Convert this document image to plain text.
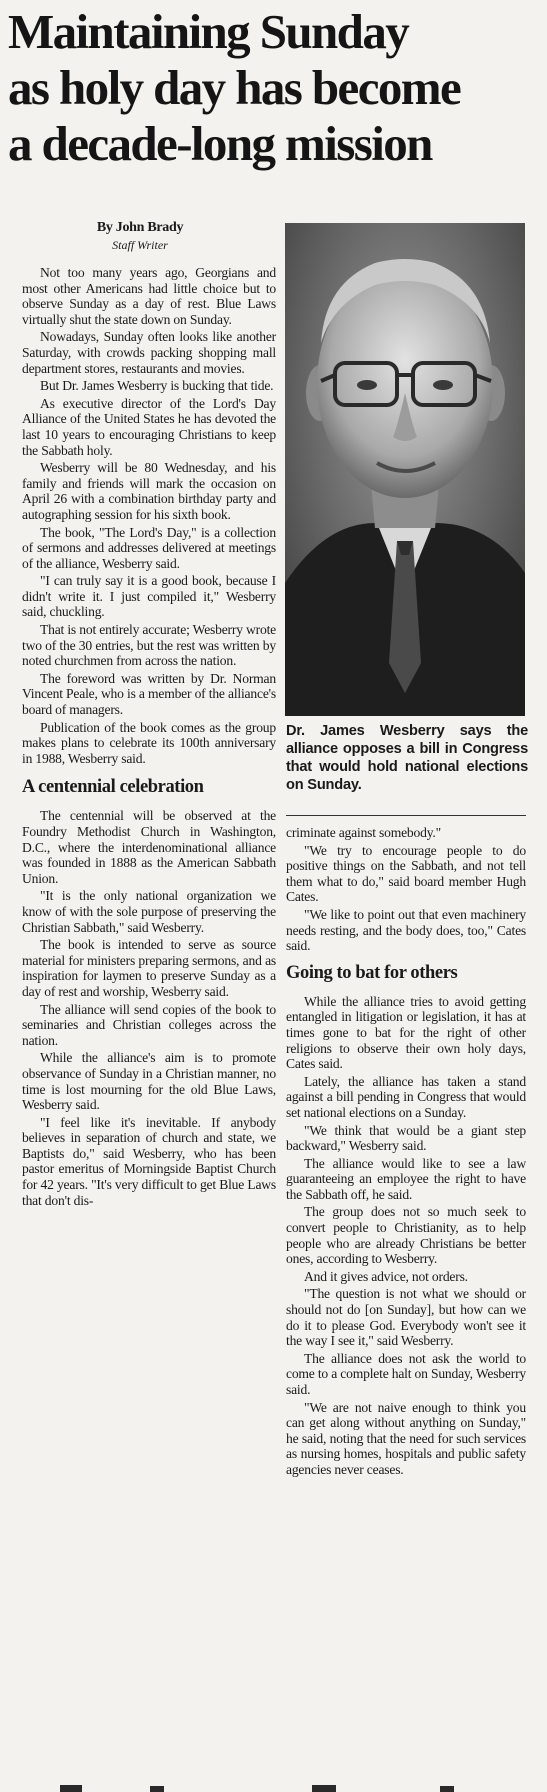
Maintaining Sunday
as holy day has become
a decade-long mission
By John Brady
Staff Writer
Dr. James Wesberry says the alliance opposes a bill in Congress that would hold national elections on Sunday.

Not too many years ago, Georgians and most other Americans had little choice but to observe Sunday as a day of rest. Blue Laws virtually shut the state down on Sunday.

Nowadays, Sunday often looks like another Saturday, with crowds packing shopping mall department stores, restaurants and movies.

But Dr. James Wesberry is bucking that tide.

As executive director of the Lord's Day Alliance of the United States he has devoted the last 10 years to encouraging Christians to keep the Sabbath holy.

Wesberry will be 80 Wednesday, and his family and friends will mark the occasion on April 26 with a combination birthday party and autographing session for his sixth book.

The book, "The Lord's Day," is a collection of sermons and addresses delivered at meetings of the alliance, Wesberry said.

"I can truly say it is a good book, because I didn't write it. I just compiled it," Wesberry said, chuckling.

That is not entirely accurate; Wesberry wrote two of the 30 entries, but the rest was written by noted churchmen from across the nation.

The foreword was written by Dr. Norman Vincent Peale, who is a member of the alliance's board of managers.

Publication of the book comes as the group makes plans to celebrate its 100th anniversary in 1988, Wesberry said.

A centennial celebration

The centennial will be observed at the Foundry Methodist Church in Washington, D.C., where the interdenominational alliance was founded in 1888 as the American Sabbath Union.

"It is the only national organization we know of with the sole purpose of preserving the Christian Sabbath," said Wesberry.

The book is intended to serve as source material for ministers preparing sermons, and as inspiration for laymen to preserve Sunday as a day of rest and worship, Wesberry said.

The alliance will send copies of the book to seminaries and Christian colleges across the nation.

While the alliance's aim is to promote observance of Sunday in a Christian manner, no time is lost mourning for the old Blue Laws, Wesberry said.

"I feel like it's inevitable. If anybody believes in separation of church and state, we Baptists do," said Wesberry, who has been pastor emeritus of Morningside Baptist Church for 42 years. "It's very difficult to get Blue Laws that don't dis-

criminate against somebody."

"We try to encourage people to do positive things on the Sabbath, and not tell them what to do," said board member Hugh Cates.

"We like to point out that even machinery needs resting, and the body does, too," Cates said.

Going to bat for others

While the alliance tries to avoid getting entangled in litigation or legislation, it has at times gone to bat for the right of other religions to observe their own holy days, Cates said.

Lately, the alliance has taken a stand against a bill pending in Congress that would set national elections on a Sunday.

"We think that would be a giant step backward," Wesberry said.

The alliance would like to see a law guaranteeing an employee the right to have the Sabbath off, he said.

The group does not so much seek to convert people to Christianity, as to help people who are already Christians be better ones, according to Wesberry.

And it gives advice, not orders.

"The question is not what we should or should not do [on Sunday], but how can we do it to please God. Everybody won't see it the way I see it," said Wesberry.

The alliance does not ask the world to come to a complete halt on Sunday, Wesberry said.

"We are not naive enough to think you can get along without anything on Sunday," he said, noting that the need for such services as nursing homes, hospitals and public safety agencies never ceases.
